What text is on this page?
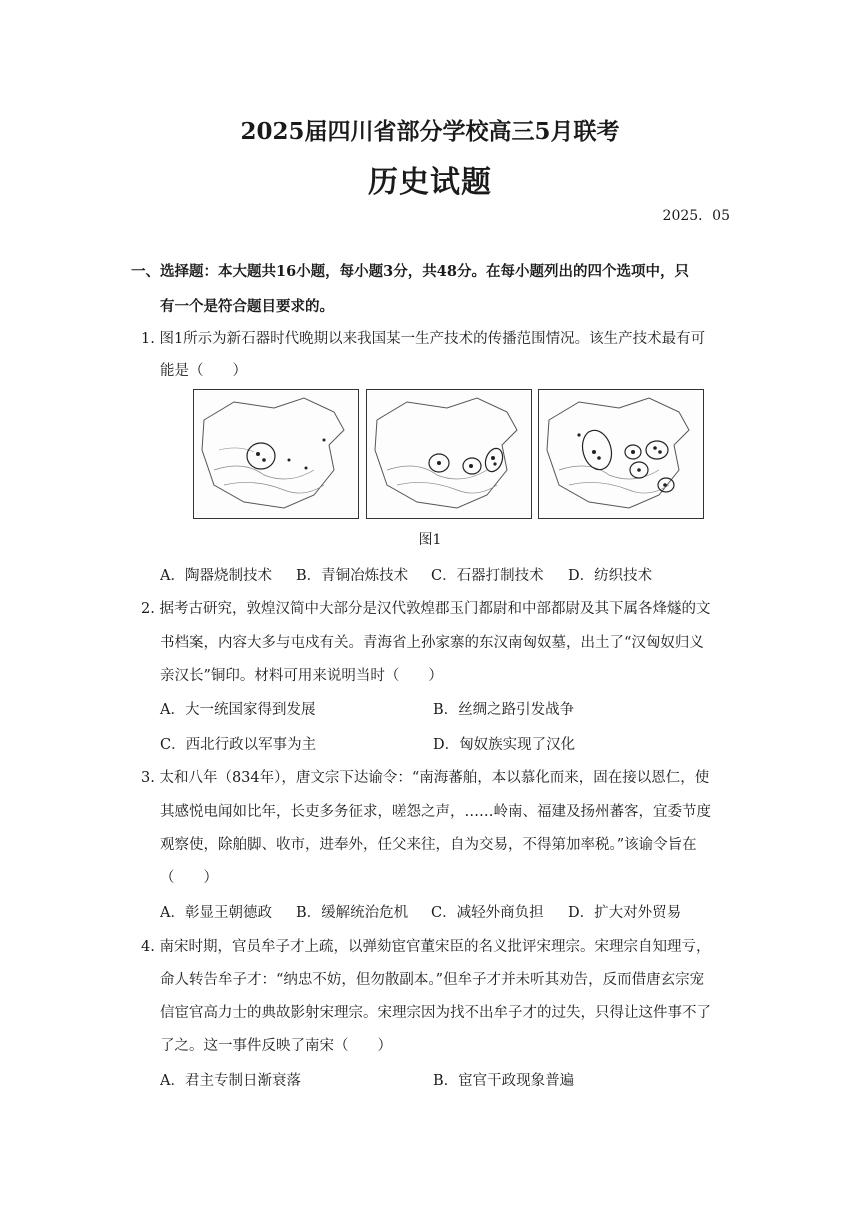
2025届四川省部分学校高三5月联考
历史试题
2025．05
一、选择题：本大题共16小题，每小题3分，共48分。在每小题列出的四个选项中，只
有一个是符合题目要求的。
1. 图1所示为新石器时代晚期以来我国某一生产技术的传播范围情况。该生产技术最有可
能是（　　）
图1
A．陶器烧制技术 B．青铜冶炼技术 C．石器打制技术 D．纺织技术
2. 据考古研究，敦煌汉简中大部分是汉代敦煌郡玉门都尉和中部都尉及其下属各烽燧的文
书档案，内容大多与屯戍有关。青海省上孙家寨的东汉南匈奴墓，出土了“汉匈奴归义
亲汉长”铜印。材料可用来说明当时（　　）
A．大一统国家得到发展	B．丝绸之路引发战争
C．西北行政以军事为主	D．匈奴族实现了汉化
3. 太和八年（834年），唐文宗下达谕令：“南海蕃舶，本以慕化而来，固在接以恩仁，使
其感悦电闻如比年，长吏多务征求，嗟怨之声，……岭南、福建及扬州蕃客，宜委节度
观察使，除舶脚、收市，进奉外，任父来往，自为交易，不得第加率税。”该谕令旨在
（　　）
A．彰显王朝德政 B．缓解统治危机 C．减轻外商负担 D．扩大对外贸易
4. 南宋时期，官员牟子才上疏，以弹劾宦官董宋臣的名义批评宋理宗。宋理宗自知理亏，
命人转告牟子才：“纳忠不妨，但勿散副本。”但牟子才并未听其劝告，反而借唐玄宗宠
信宦官高力士的典故影射宋理宗。宋理宗因为找不出牟子才的过失，只得让这件事不了
了之。这一事件反映了南宋（　　）
A．君主专制日渐衰落	B．宦官干政现象普遍
